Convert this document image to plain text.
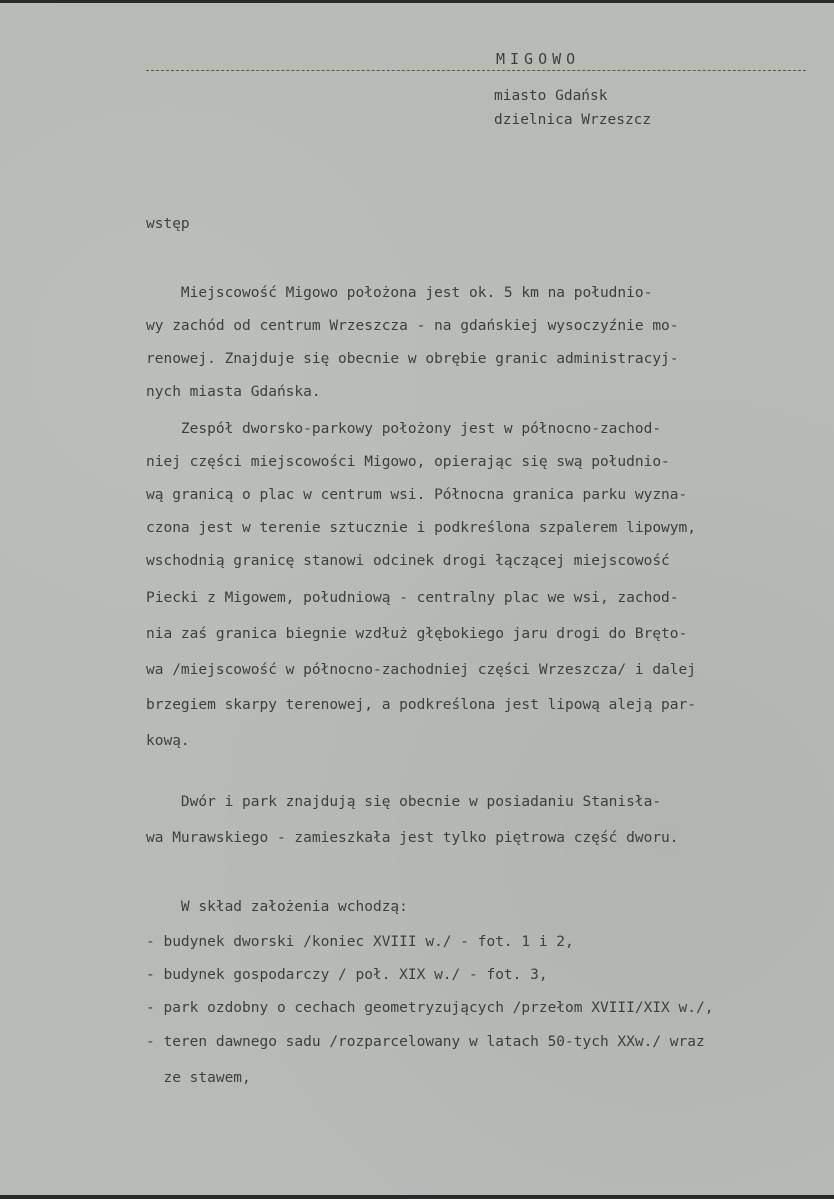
MIGOWO
miasto Gdańsk
dzielnica Wrzeszcz
wstęp
Miejscowość Migowo położona jest ok. 5 km na południo-
wy zachód od centrum Wrzeszcza - na gdańskiej wysoczyźnie mo-
renowej. Znajduje się obecnie w obrębie granic administracyj-
nych miasta Gdańska.
Zespół dworsko-parkowy położony jest w północno-zachod-
niej części miejscowości Migowo, opierając się swą południo-
wą granicą o plac w centrum wsi. Północna granica parku wyzna-
czona jest w terenie sztucznie i podkreślona szpalerem lipowym,
wschodnią granicę stanowi odcinek drogi łączącej miejscowość
Piecki z Migowem, południową - centralny plac we wsi, zachod-
nia zaś granica biegnie wzdłuż głębokiego jaru drogi do Bręto-
wa /miejscowość w północno-zachodniej części Wrzeszcza/ i dalej
brzegiem skarpy terenowej, a podkreślona jest lipową aleją par-
kową.
Dwór i park znajdują się obecnie w posiadaniu Stanisła-
wa Murawskiego - zamieszkała jest tylko piętrowa część dworu.
W skład założenia wchodzą:
- budynek dworski /koniec XVIII w./ - fot. 1 i 2,
- budynek gospodarczy / poł. XIX w./ - fot. 3,
- park ozdobny o cechach geometryzujących /przełom XVIII/XIX w./,
- teren dawnego sadu /rozparcelowany w latach 50-tych XXw./ wraz
ze stawem,
